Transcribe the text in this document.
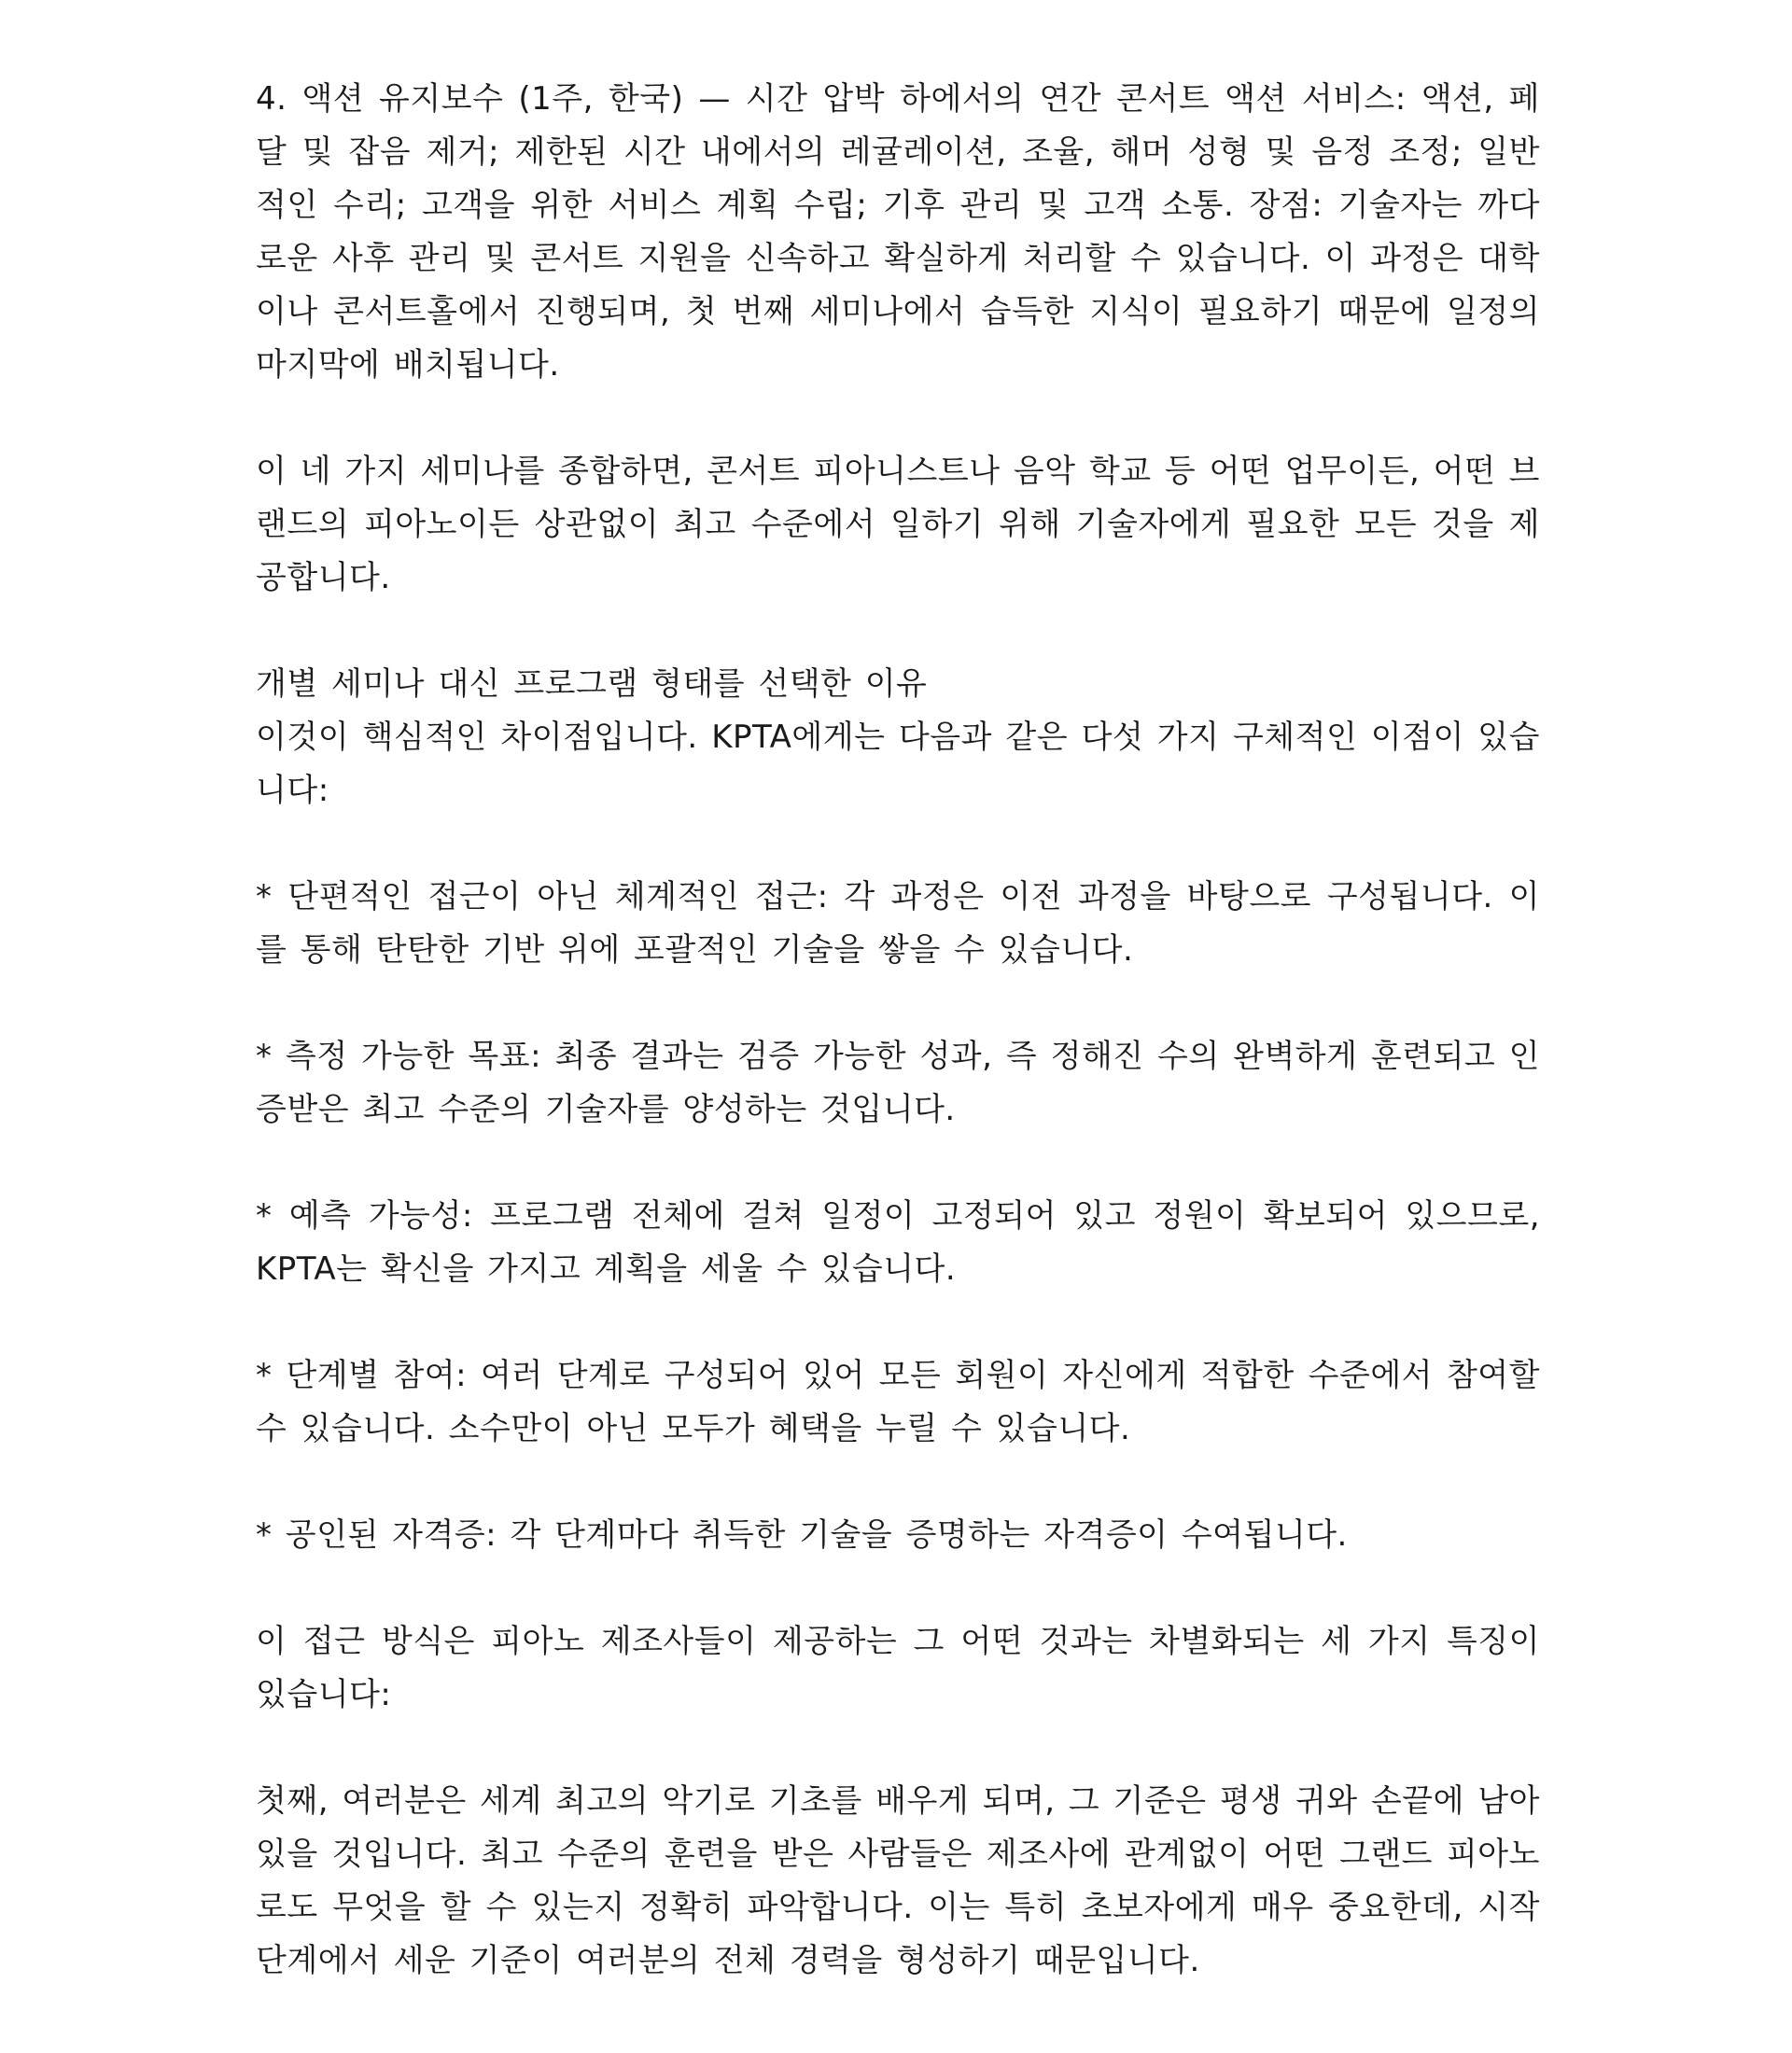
4. 액션 유지보수 (1주, 한국) — 시간 압박 하에서의 연간 콘서트 액션 서비스: 액션, 페달 및 잡음 제거; 제한된 시간 내에서의 레귤레이션, 조율, 해머 성형 및 음정 조정; 일반적인 수리; 고객을 위한 서비스 계획 수립; 기후 관리 및 고객 소통. 장점: 기술자는 까다로운 사후 관리 및 콘서트 지원을 신속하고 확실하게 처리할 수 있습니다. 이 과정은 대학이나 콘서트홀에서 진행되며, 첫 번째 세미나에서 습득한 지식이 필요하기 때문에 일정의 마지막에 배치됩니다.

이 네 가지 세미나를 종합하면, 콘서트 피아니스트나 음악 학교 등 어떤 업무이든, 어떤 브랜드의 피아노이든 상관없이 최고 수준에서 일하기 위해 기술자에게 필요한 모든 것을 제공합니다.

개별 세미나 대신 프로그램 형태를 선택한 이유

이것이 핵심적인 차이점입니다. KPTA에게는 다음과 같은 다섯 가지 구체적인 이점이 있습니다:

* 단편적인 접근이 아닌 체계적인 접근: 각 과정은 이전 과정을 바탕으로 구성됩니다. 이를 통해 탄탄한 기반 위에 포괄적인 기술을 쌓을 수 있습니다.

* 측정 가능한 목표: 최종 결과는 검증 가능한 성과, 즉 정해진 수의 완벽하게 훈련되고 인증받은 최고 수준의 기술자를 양성하는 것입니다.

* 예측 가능성: 프로그램 전체에 걸쳐 일정이 고정되어 있고 정원이 확보되어 있으므로, KPTA는 확신을 가지고 계획을 세울 수 있습니다.

* 단계별 참여: 여러 단계로 구성되어 있어 모든 회원이 자신에게 적합한 수준에서 참여할 수 있습니다. 소수만이 아닌 모두가 혜택을 누릴 수 있습니다.

* 공인된 자격증: 각 단계마다 취득한 기술을 증명하는 자격증이 수여됩니다.

이 접근 방식은 피아노 제조사들이 제공하는 그 어떤 것과는 차별화되는 세 가지 특징이 있습니다:

첫째, 여러분은 세계 최고의 악기로 기초를 배우게 되며, 그 기준은 평생 귀와 손끝에 남아 있을 것입니다. 최고 수준의 훈련을 받은 사람들은 제조사에 관계없이 어떤 그랜드 피아노로도 무엇을 할 수 있는지 정확히 파악합니다. 이는 특히 초보자에게 매우 중요한데, 시작 단계에서 세운 기준이 여러분의 전체 경력을 형성하기 때문입니다.
